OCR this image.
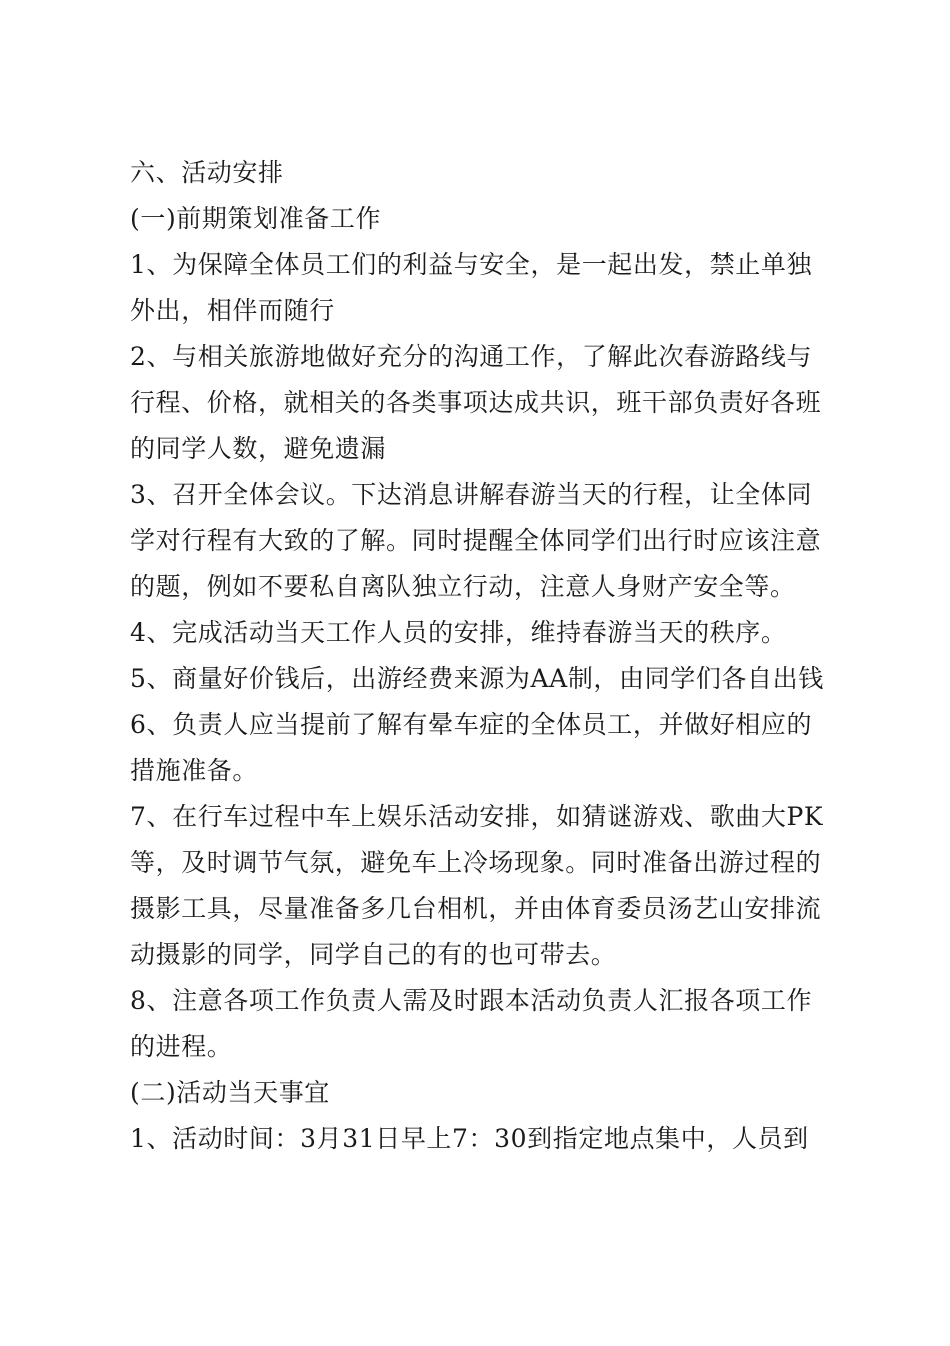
六、活动安排
(一)前期策划准备工作
1、为保障全体员工们的利益与安全，是一起出发，禁止单独
外出，相伴而随行
2、与相关旅游地做好充分的沟通工作，了解此次春游路线与
行程、价格，就相关的各类事项达成共识，班干部负责好各班
的同学人数，避免遗漏
3、召开全体会议。下达消息讲解春游当天的行程，让全体同
学对行程有大致的了解。同时提醒全体同学们出行时应该注意
的题，例如不要私自离队独立行动，注意人身财产安全等。
4、完成活动当天工作人员的安排，维持春游当天的秩序。
5、商量好价钱后，出游经费来源为AA制，由同学们各自出钱
6、负责人应当提前了解有晕车症的全体员工，并做好相应的
措施准备。
7、在行车过程中车上娱乐活动安排，如猜谜游戏、歌曲大PK
等，及时调节气氛，避免车上冷场现象。同时准备出游过程的
摄影工具，尽量准备多几台相机，并由体育委员汤艺山安排流
动摄影的同学，同学自己的有的也可带去。
8、注意各项工作负责人需及时跟本活动负责人汇报各项工作
的进程。
(二)活动当天事宜
1、活动时间：3月31日早上7：30到指定地点集中，人员到
